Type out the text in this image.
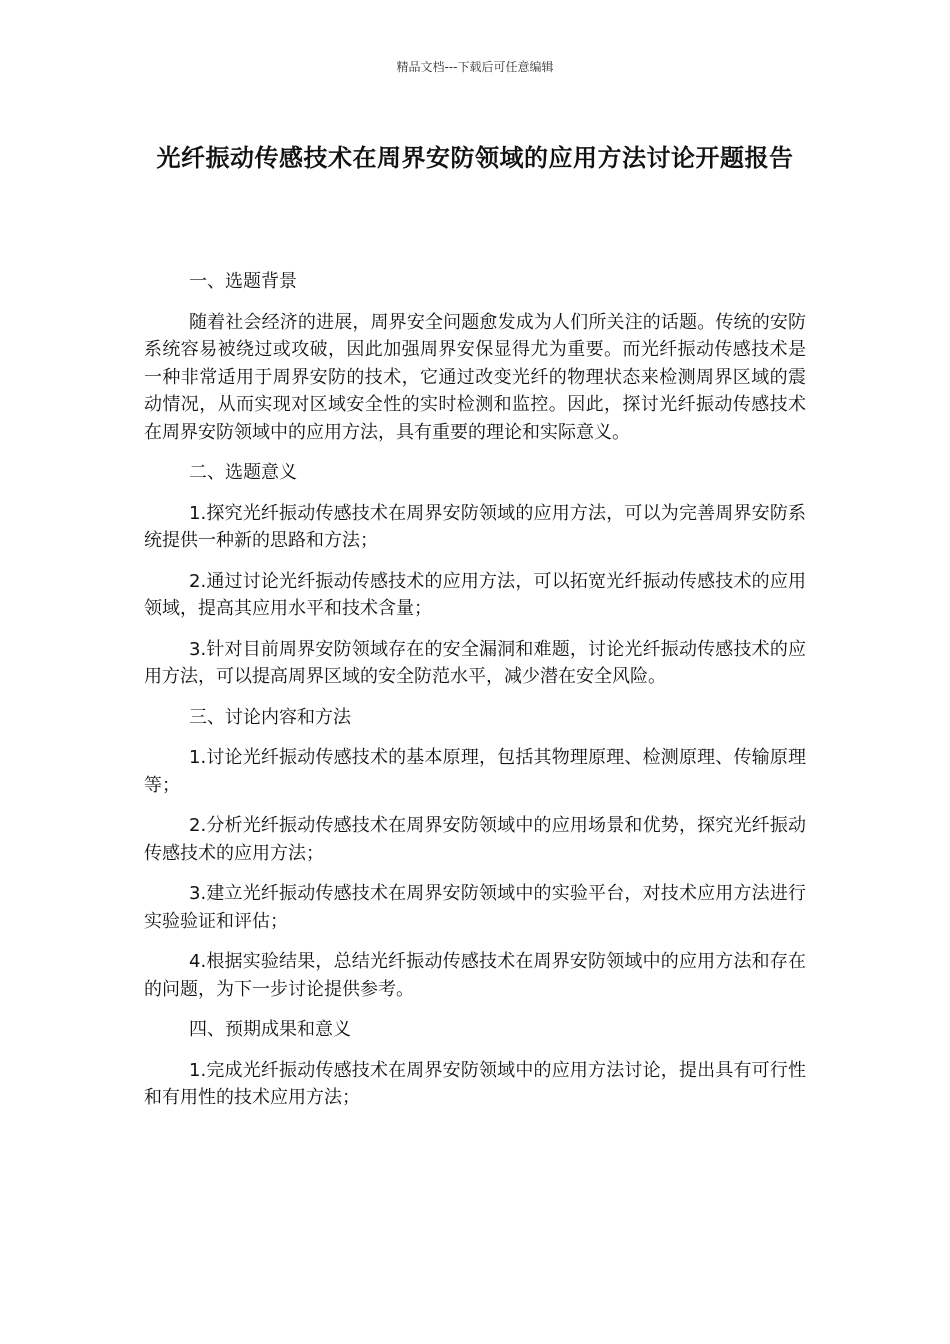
精品文档---下载后可任意编辑
光纤振动传感技术在周界安防领域的应用方法讨论开题报告

一、选题背景

随着社会经济的进展，周界安全问题愈发成为人们所关注的话题。传统的安防系统容易被绕过或攻破，因此加强周界安保显得尤为重要。而光纤振动传感技术是一种非常适用于周界安防的技术，它通过改变光纤的物理状态来检测周界区域的震动情况，从而实现对区域安全性的实时检测和监控。因此，探讨光纤振动传感技术在周界安防领域中的应用方法，具有重要的理论和实际意义。

二、选题意义

1.探究光纤振动传感技术在周界安防领域的应用方法，可以为完善周界安防系统提供一种新的思路和方法；

2.通过讨论光纤振动传感技术的应用方法，可以拓宽光纤振动传感技术的应用领域，提高其应用水平和技术含量；

3.针对目前周界安防领域存在的安全漏洞和难题，讨论光纤振动传感技术的应用方法，可以提高周界区域的安全防范水平，减少潜在安全风险。

三、讨论内容和方法

1.讨论光纤振动传感技术的基本原理，包括其物理原理、检测原理、传输原理等；

2.分析光纤振动传感技术在周界安防领域中的应用场景和优势，探究光纤振动传感技术的应用方法；

3.建立光纤振动传感技术在周界安防领域中的实验平台，对技术应用方法进行实验验证和评估；

4.根据实验结果，总结光纤振动传感技术在周界安防领域中的应用方法和存在的问题，为下一步讨论提供参考。

四、预期成果和意义

1.完成光纤振动传感技术在周界安防领域中的应用方法讨论，提出具有可行性和有用性的技术应用方法；
